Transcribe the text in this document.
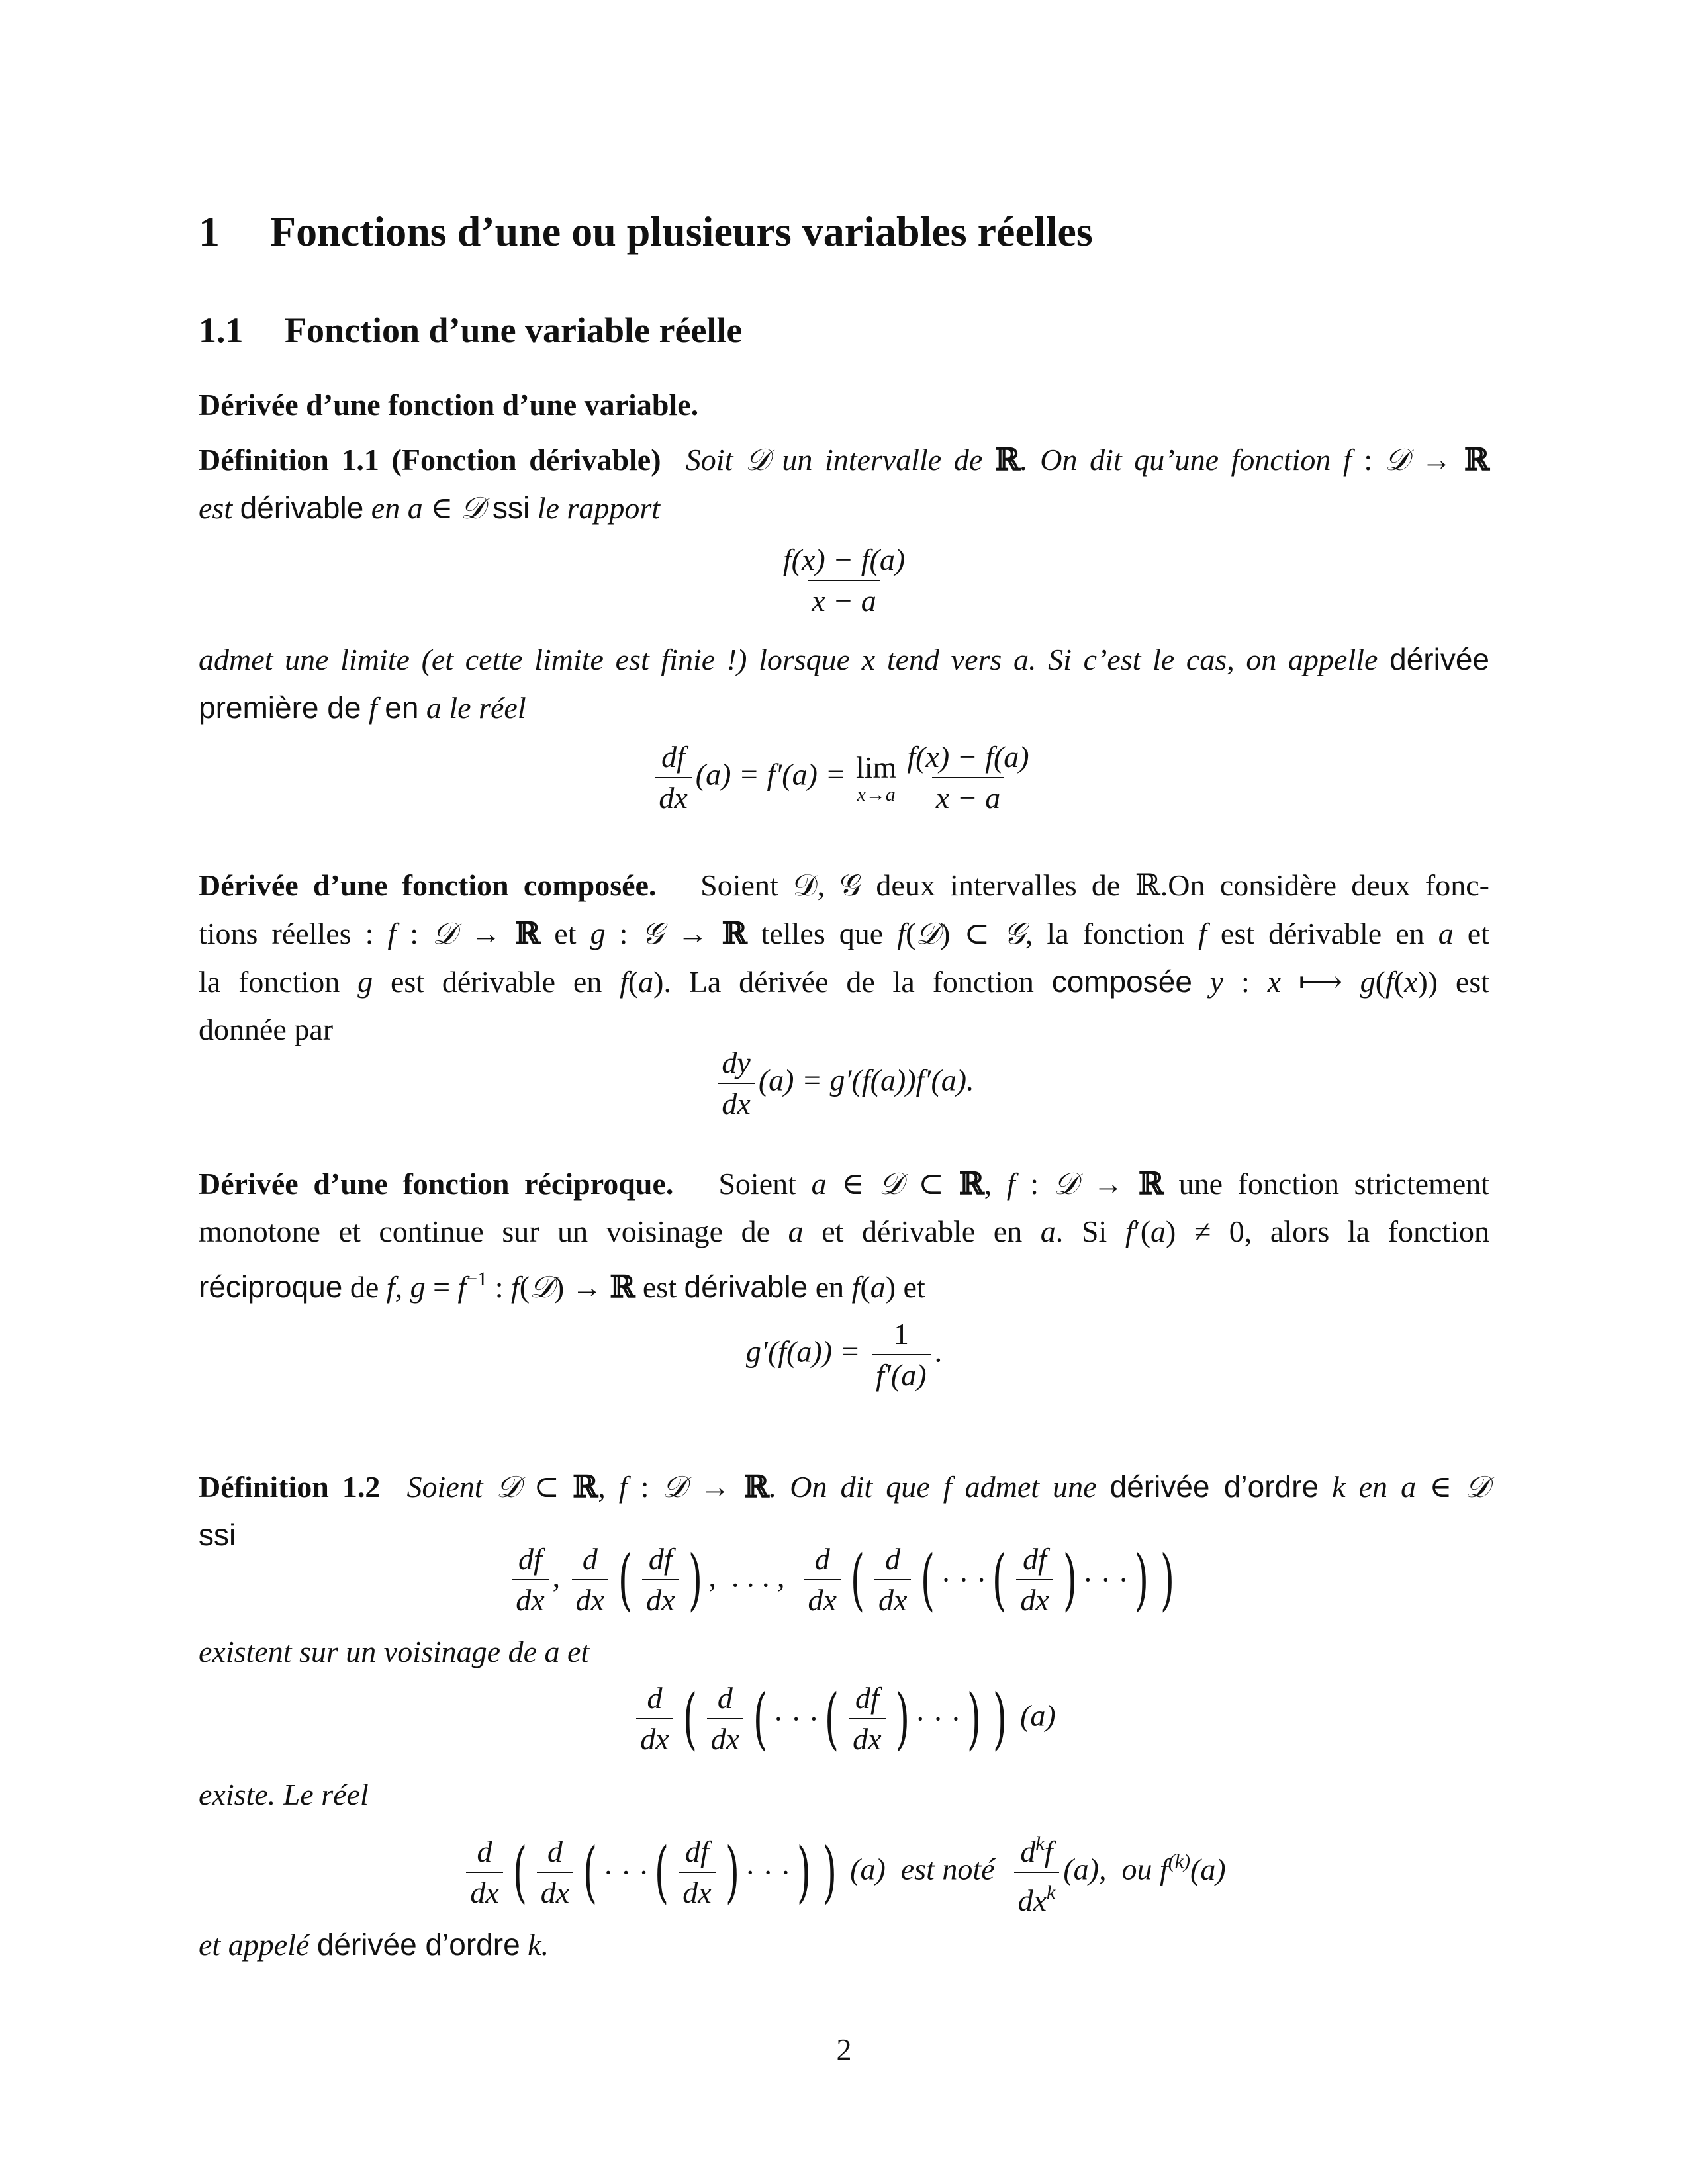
1 Fonctions d’une ou plusieurs variables réelles
1.1 Fonction d’une variable réelle

Dérivée d’une fonction d’une variable.

Définition 1.1 (Fonction dérivable) Soit 𝒟 un intervalle de ℝ. On dit qu’une fonction f : 𝒟 → ℝ

est dérivable en a ∈ 𝒟 ssi le rapport

$\frac{f(x) - f(a)}{x - a}$

admet une limite (et cette limite est finie !) lorsque x tend vers a. Si c’est le cas, on appelle dérivée

première de f en a le réel

$\frac{df}{dx} (a) = f'(a) = \lim$
$x\to a \frac{f(x) - f(a)}{x - a}$

Dérivée d’une fonction composée. Soient 𝒟, 𝒢 deux intervalles de ℝ.On considère deux fonc-

tions réelles : f : 𝒟 → ℝ et g : 𝒢 → ℝ telles que f(𝒟) ⊂ 𝒢, la fonction f est dérivable en a et

la fonction g est dérivable en f(a). La dérivée de la fonction composée y : x ⟼ g(f(x)) est

donnée par

$\frac{dy}{dx} (a) = g'(f(a))f'(a)$.

Dérivée d’une fonction réciproque. Soient a ∈ 𝒟 ⊂ ℝ, f : 𝒟 → ℝ une fonction strictement

monotone et continue sur un voisinage de a et dérivable en a. Si f′(a) ≠ 0, alors la fonction

réciproque de f, $g = f^{-1}$ : f(𝒟) → ℝ est dérivable en f(a) et

$g'(f(a)) = \frac{1}{f'(a)}$ .

Définition 1.2 Soient 𝒟 ⊂ ℝ, f : 𝒟 → ℝ. On dit que f admet une dérivée d’ordre k en a ∈ 𝒟

ssi

$\frac{df}{dx}$ , $\frac{d}{dx}$ ( $\frac{df}{dx}$ ) ,  . . . , $\frac{d}{dx}$ ( $\frac{d}{dx}$ ( · · ·( $\frac{df}{dx}$ ) · · ·) )

existent sur un voisinage de a et

$\frac{d}{dx}$ ( $\frac{d}{dx}$ ( · · ·( $\frac{df}{dx}$ ) · · ·) ) (a)

existe. Le réel

$\frac{d}{dx}$ ( $\frac{d}{dx}$ ( · · ·( $\frac{df}{dx}$ ) · · ·) ) (a) est noté $\frac{d^kf}{dx^k} (a)$, ou $f^{(k)}(a)$

et appelé dérivée d’ordre k.

2
